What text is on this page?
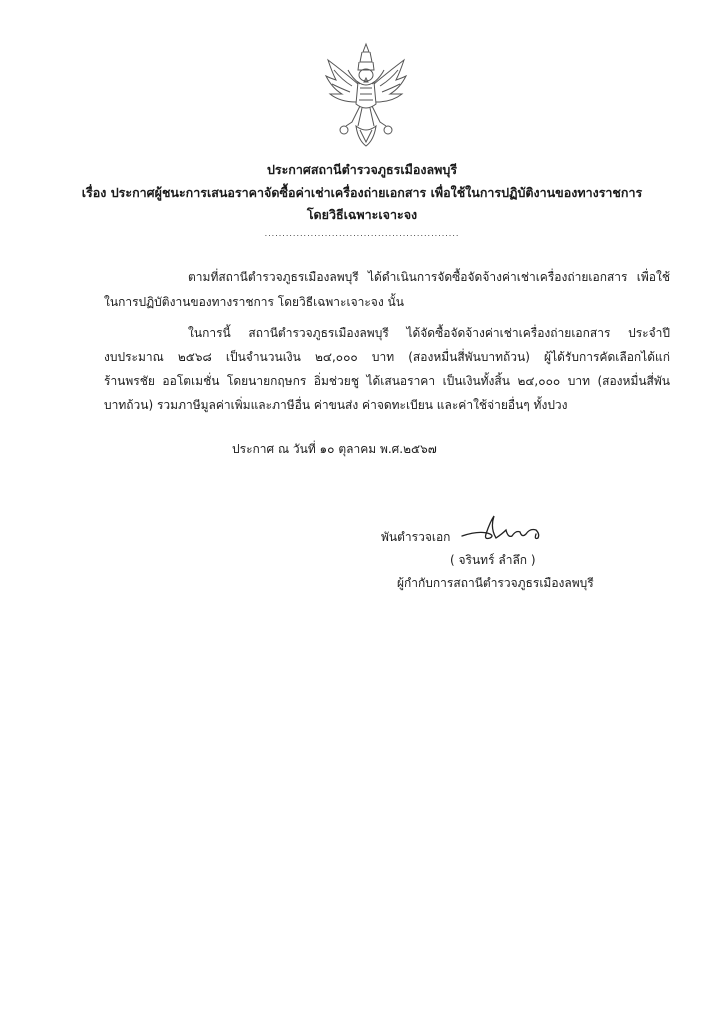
ประกาศสถานีตำรวจภูธรเมืองลพบุรี
เรื่อง ประกาศผู้ชนะการเสนอราคาจัดซื้อค่าเช่าเครื่องถ่ายเอกสาร เพื่อใช้ในการปฏิบัติงานของทางราชการ
โดยวิธีเฉพาะเจาะจง
.......................................................
ตามที่สถานีตำรวจภูธรเมืองลพบุรี ได้ดำเนินการจัดซื้อจัดจ้างค่าเช่าเครื่องถ่ายเอกสาร เพื่อใช้
ในการปฏิบัติงานของทางราชการ โดยวิธีเฉพาะเจาะจง นั้น
ในการนี้ สถานีตำรวจภูธรเมืองลพบุรี ได้จัดซื้อจัดจ้างค่าเช่าเครื่องถ่ายเอกสาร ประจำปี
งบประมาณ ๒๕๖๘ เป็นจำนวนเงิน ๒๔,๐๐๐ บาท (สองหมื่นสี่พันบาทถ้วน) ผู้ได้รับการคัดเลือกได้แก่
ร้านพรชัย ออโตเมชั่น โดยนายกฤษกร อิ่มช่วยชู ได้เสนอราคา เป็นเงินทั้งสิ้น ๒๔,๐๐๐ บาท (สองหมื่นสี่พัน
บาทถ้วน) รวมภาษีมูลค่าเพิ่มและภาษีอื่น ค่าขนส่ง ค่าจดทะเบียน และค่าใช้จ่ายอื่นๆ ทั้งปวง
ประกาศ ณ วันที่ ๑๐ ตุลาคม พ.ศ.๒๕๖๗
พันตำรวจเอก
( จรินทร์ ลำลึก )
ผู้กำกับการสถานีตำรวจภูธรเมืองลพบุรี
